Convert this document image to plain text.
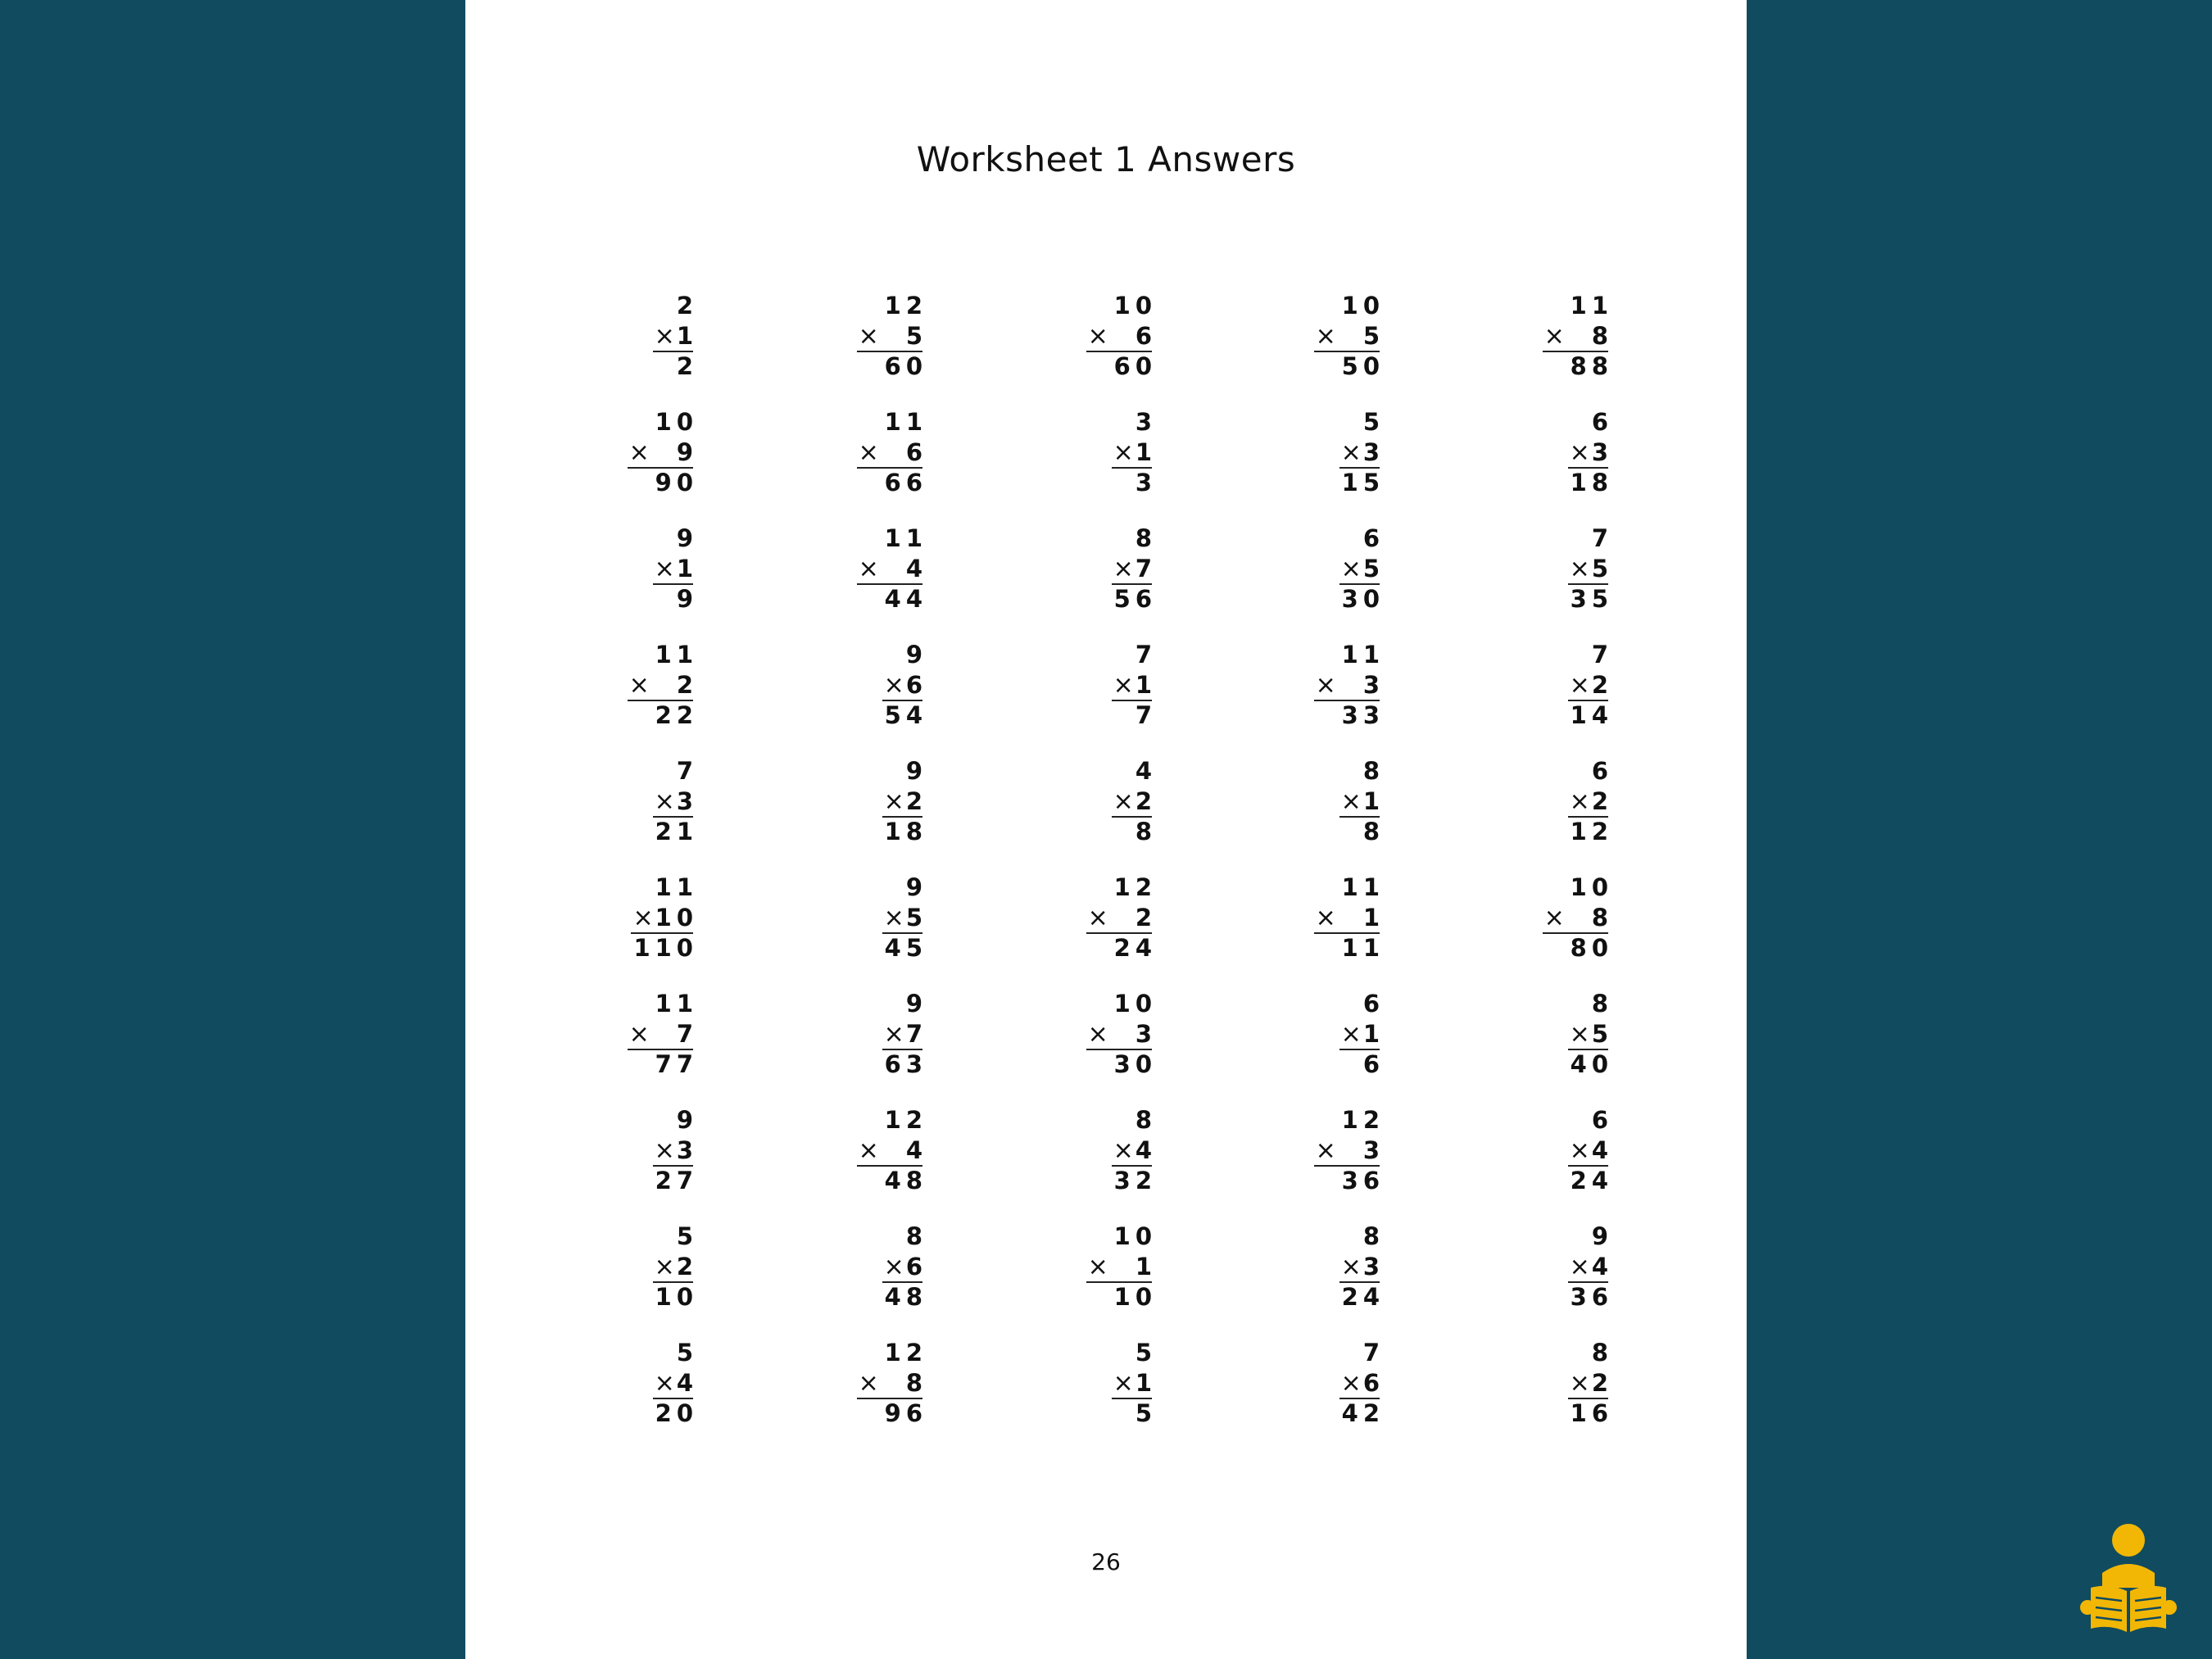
Worksheet 1 Answers
2
×1
2
12
× 5
60
10
× 6
60
10
× 5
50
11
× 8
88
10
× 9
90
11
× 6
66
3
×1
3
5
×3
15
6
×3
18
9
×1
9
11
× 4
44
8
×7
56
6
×5
30
7
×5
35
11
× 2
22
9
×6
54
7
×1
7
11
× 3
33
7
×2
14
7
×3
21
9
×2
18
4
×2
8
8
×1
8
6
×2
12
11
×10
110
9
×5
45
12
× 2
24
11
× 1
11
10
× 8
80
11
× 7
77
9
×7
63
10
× 3
30
6
×1
6
8
×5
40
9
×3
27
12
× 4
48
8
×4
32
12
× 3
36
6
×4
24
5
×2
10
8
×6
48
10
× 1
10
8
×3
24
9
×4
36
5
×4
20
12
× 8
96
5
×1
5
7
×6
42
8
×2
16
26
